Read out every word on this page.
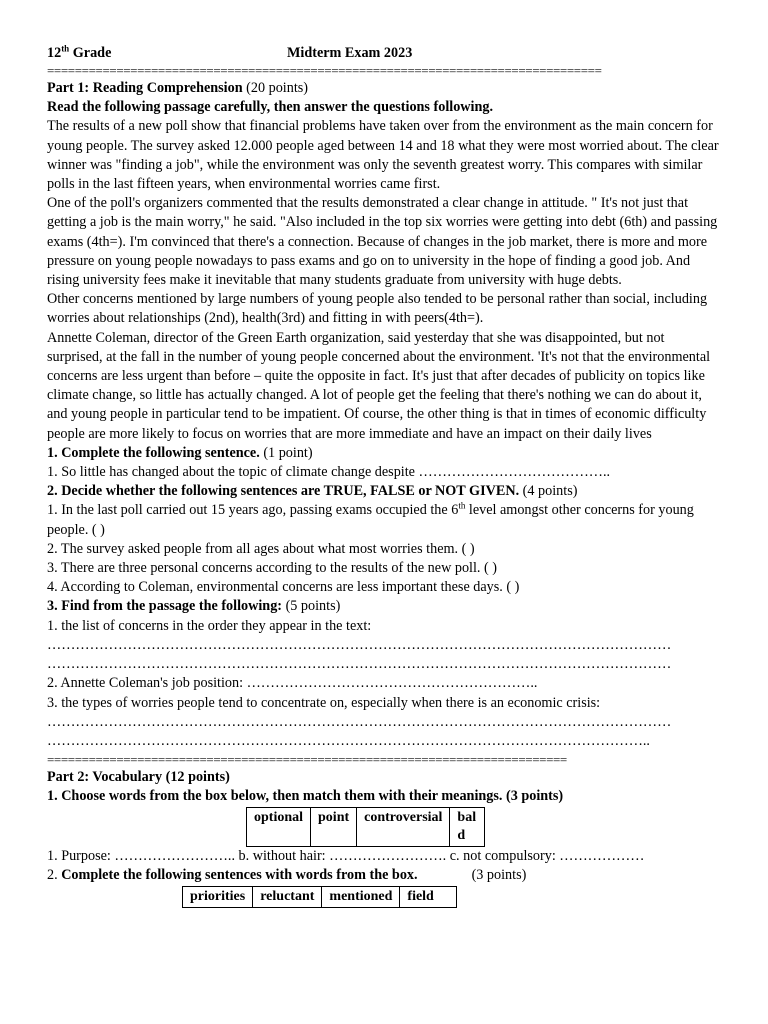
12th Grade	Midterm Exam 2023
================================================================================
Part 1: Reading Comprehension (20 points)
Read the following passage carefully, then answer the questions following.
The results of a new poll show that financial problems have taken over from the environment as the main concern for young people. The survey asked 12.000 people aged between 14 and 18 what they were most worried about. The clear winner was "finding a job", while the environment was only the seventh greatest worry. This compares with similar polls in the last fifteen years, when environmental worries came first.
One of the poll's organizers commented that the results demonstrated a clear change in attitude. " It's not just that getting a job is the main worry," he said. "Also included in the top six worries were getting into debt (6th) and passing exams (4th=). I'm convinced that there's a connection. Because of changes in the job market, there is more and more pressure on young people nowadays to pass exams and go on to university in the hope of finding a good job. And rising university fees make it inevitable that many students graduate from university with huge debts.
Other concerns mentioned by large numbers of young people also tended to be personal rather than social, including worries about relationships (2nd), health(3rd) and fitting in with peers(4th=).
Annette Coleman, director of the Green Earth organization, said yesterday that she was disappointed, but not surprised, at the fall in the number of young people concerned about the environment. 'It's not that the environmental concerns are less urgent than before – quite the opposite in fact. It's just that after decades of publicity on topics like climate change, so little has actually changed. A lot of people get the feeling that there's nothing we can do about it, and young people in particular tend to be impatient. Of course, the other thing is that in times of economic difficulty people are more likely to focus on worries that are more immediate and have an impact on their daily lives
1. Complete the following sentence. (1 point)
1. So little has changed about the topic of climate change despite …………………………………..
2. Decide whether the following sentences are TRUE, FALSE or NOT GIVEN. (4 points)
1. In the last poll carried out 15 years ago, passing exams occupied the 6th level amongst other concerns for young people. ( )
2. The survey asked people from all ages about what most worries them. ( )
3. There are three personal concerns according to the results of the new poll. ( )
4. According to Coleman, environmental concerns are less important these days. ( )
3. Find from the passage the following: (5 points)
1. the list of concerns in the order they appear in the text:
……………………………………………………………………………………………………………………
……………………………………………………………………………………………………………………
2. Annette Coleman's job position: ……………………………………………………..
3. the types of worries people tend to concentrate on, especially when there is an economic crisis:
……………………………………………………………………………………………………………………
………………………………………………………………………………………………………………..
===========================================================================
Part 2: Vocabulary (12 points)
1. Choose words from the box below, then match them with their meanings. (3 points)
optional	point	controversial	bal d
1. Purpose: …………………….. b. without hair: ……………………. c. not compulsory: ………………
2. Complete the following sentences with words from the box.	(3 points)
priorities	reluctant	mentioned	field
